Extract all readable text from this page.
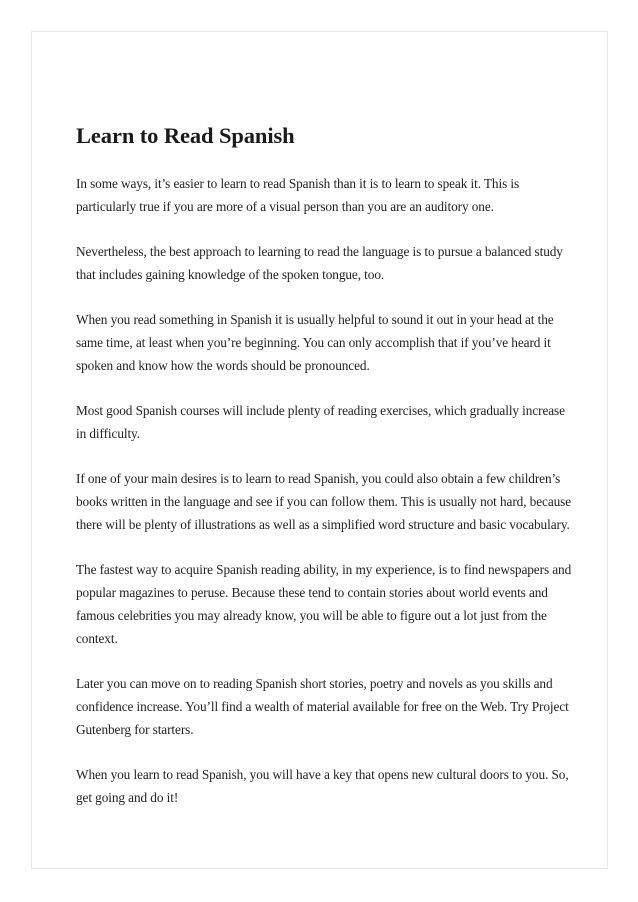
Learn to Read Spanish

In some ways, it’s easier to learn to read Spanish than it is to learn to speak it. This is particularly true if you are more of a visual person than you are an auditory one.

Nevertheless, the best approach to learning to read the language is to pursue a balanced study that includes gaining knowledge of the spoken tongue, too.

When you read something in Spanish it is usually helpful to sound it out in your head at the same time, at least when you’re beginning. You can only accomplish that if you’ve heard it spoken and know how the words should be pronounced.

Most good Spanish courses will include plenty of reading exercises, which gradually increase in difficulty.

If one of your main desires is to learn to read Spanish, you could also obtain a few children’s books written in the language and see if you can follow them. This is usually not hard, because there will be plenty of illustrations as well as a simplified word structure and basic vocabulary.

The fastest way to acquire Spanish reading ability, in my experience, is to find newspapers and popular magazines to peruse. Because these tend to contain stories about world events and famous celebrities you may already know, you will be able to figure out a lot just from the context.

Later you can move on to reading Spanish short stories, poetry and novels as you skills and confidence increase. You’ll find a wealth of material available for free on the Web. Try Project Gutenberg for starters.

When you learn to read Spanish, you will have a key that opens new cultural doors to you. So, get going and do it!
